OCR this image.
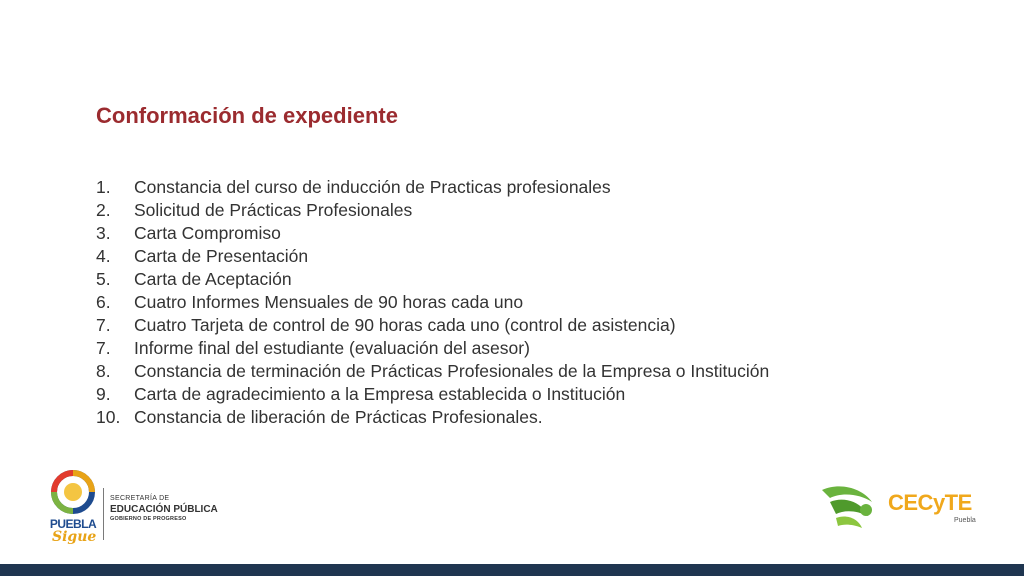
Conformación de expediente
1.	Constancia del curso de inducción de Practicas profesionales
2.	Solicitud de Prácticas Profesionales
3.	Carta Compromiso
4.	Carta de Presentación
5.	Carta de Aceptación
6.	Cuatro Informes Mensuales de 90 horas cada uno
7.	Cuatro Tarjeta de control de 90 horas cada uno (control de asistencia)
7.	Informe final del estudiante (evaluación del asesor)
8.	Constancia de terminación de Prácticas Profesionales de la Empresa o Institución
9.	Carta de agradecimiento a la Empresa establecida o Institución
10. Constancia de liberación de Prácticas Profesionales.
PUEBLA
Sigue
SECRETARÍA DE
EDUCACIÓN PÚBLICA
GOBIERNO DE PROGRESO
CECyTE
Puebla
